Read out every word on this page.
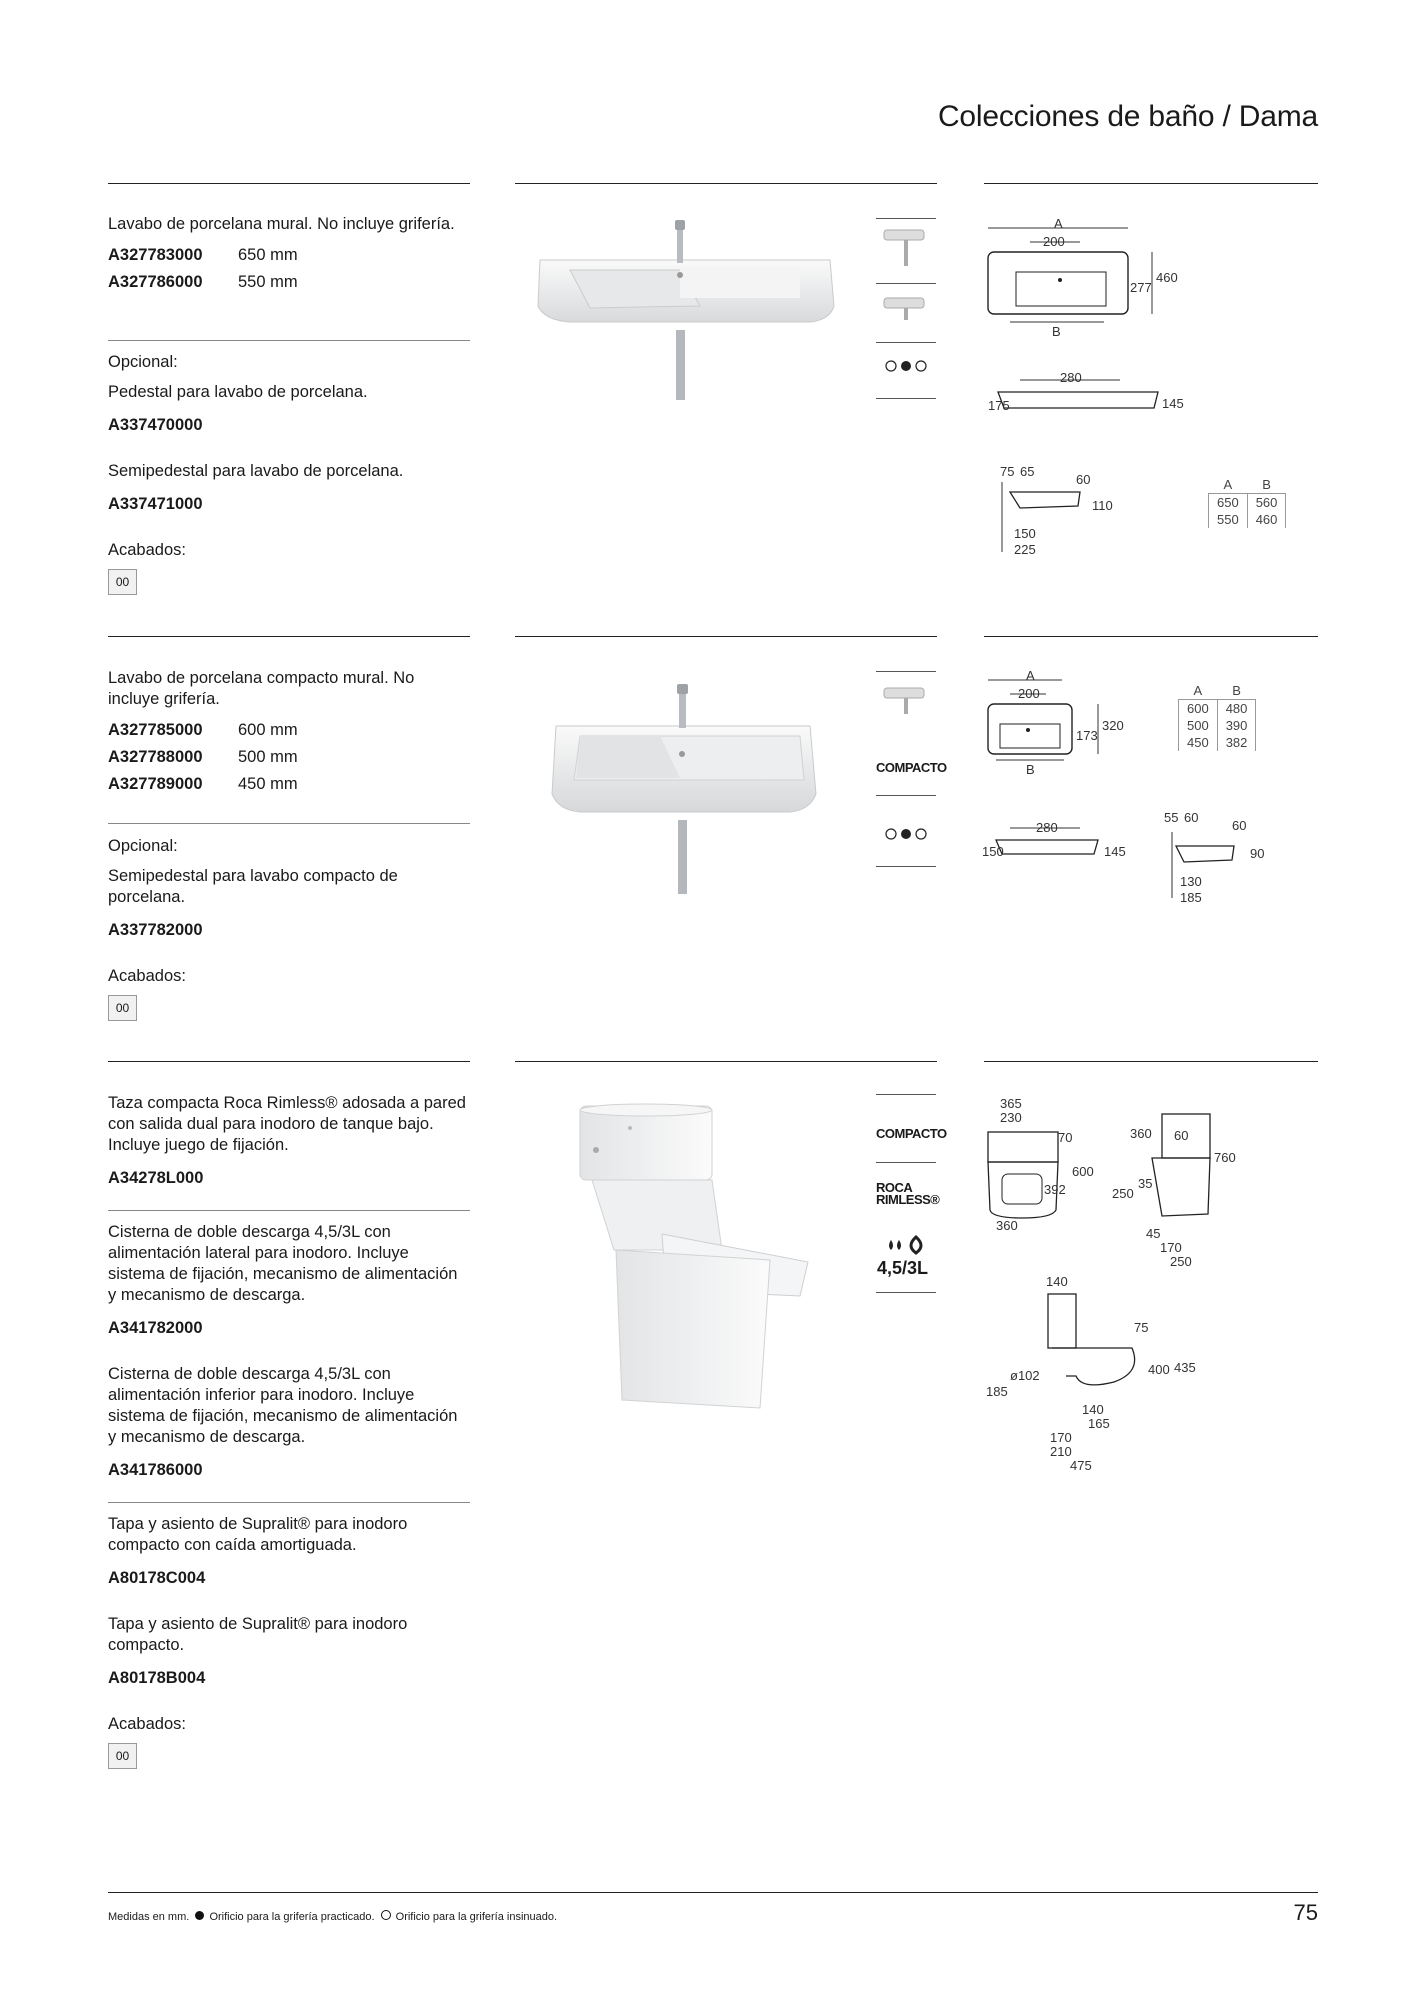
Colecciones de baño / Dama

Lavabo de porcelana mural. No incluye grifería.

A327783000	650 mm
A327786000	550 mm
Opcional:
Pedestal para lavabo de porcelana.
A337470000
Semipedestal para lavabo de porcelana.
A337471000
Acabados:
00
A
200
277
460
B
280
175	145
75 65
60
110
150
225
A	B
650	560
550	460

Lavabo de porcelana compacto mural. No incluye grifería.

A327785000	600 mm
A327788000	500 mm
A327789000	450 mm
Opcional:
Semipedestal para lavabo compacto de porcelana.
A337782000
Acabados:
00
COMPACTO
A
200
173
320
B
A	B
600	480
500	390
450	382
280
150	145
55 60
60
90
130
185

Taza compacta Roca Rimless® adosada a pared con salida dual para inodoro de tanque bajo. Incluye juego de fijación.

A34278L000
Cisterna de doble descarga 4,5/3L con alimentación lateral para inodoro. Incluye sistema de fijación, mecanismo de alimentación y mecanismo de descarga.
A341782000
Cisterna de doble descarga 4,5/3L con alimentación inferior para inodoro. Incluye sistema de fijación, mecanismo de alimentación y mecanismo de descarga.
A341786000
Tapa y asiento de Supralit® para inodoro compacto con caída amortiguada.
A80178C004
Tapa y asiento de Supralit® para inodoro compacto.
A80178B004
Acabados:
00
COMPACTO
ROCA
RIMLESS®
4,5/3L
365
230
70
600
392
360
360 60
760
250
35
45
170
250
140
75
400 435
185
ø102
140
165
170
210
475
Medidas en mm. Orificio para la grifería practicado. Orificio para la grifería insinuado.	75
